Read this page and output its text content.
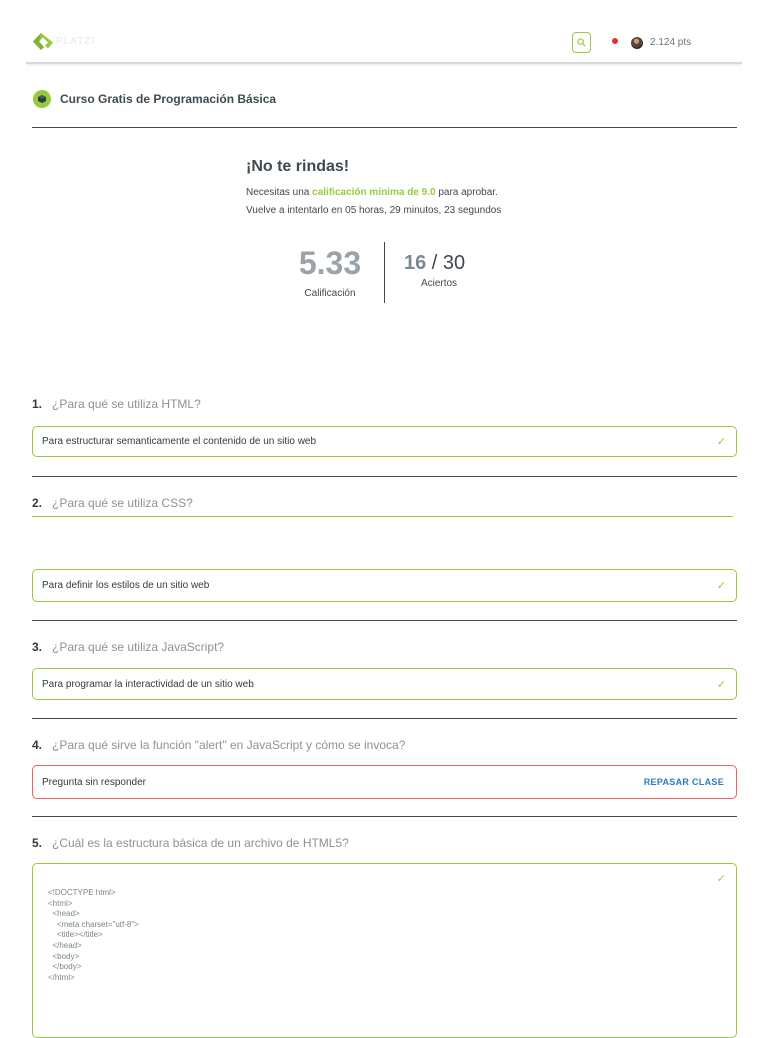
PLATZI	2.124 pts
Curso Gratis de Programación Básica
¡No te rindas!
Necesitas una calificación mínima de 9.0 para aprobar.
Vuelve a intentarlo en 05 horas, 29 minutos, 23 segundos
5.33
Calificación
16 / 30
Aciertos
1. ¿Para qué se utiliza HTML?
Para estructurar semanticamente el contenido de un sitio web	✓
2. ¿Para qué se utiliza CSS?
Para definir los estilos de un sitio web	✓
3. ¿Para qué se utiliza JavaScript?
Para programar la interactividad de un sitio web	✓
4. ¿Para qué sirve la función "alert" en JavaScript y cómo se invoca?
Pregunta sin responder	REPASAR CLASE
5. ¿Cuál es la estructura básica de un archivo de HTML5?
✓
<!DOCTYPE html>
<html>
<head>
<meta charset="utf-8">
<title></title>
</head>
<body>
</body>
</html>
